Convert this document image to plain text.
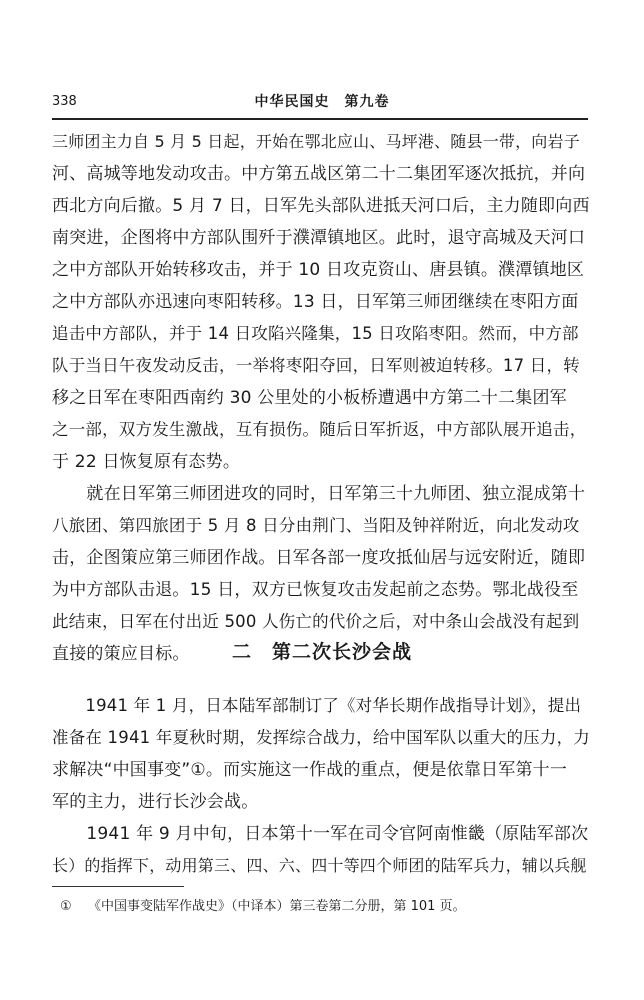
338	中华民国史　第九卷
三师团主力自 5 月 5 日起，开始在鄂北应山、马坪港、随县一带，向岩子
河、高城等地发动攻击。中方第五战区第二十二集团军逐次抵抗，并向
西北方向后撤。5 月 7 日，日军先头部队进抵天河口后，主力随即向西
南突进，企图将中方部队围歼于濮潭镇地区。此时，退守高城及天河口
之中方部队开始转移攻击，并于 10 日攻克资山、唐县镇。濮潭镇地区
之中方部队亦迅速向枣阳转移。13 日，日军第三师团继续在枣阳方面
追击中方部队，并于 14 日攻陷兴隆集，15 日攻陷枣阳。然而，中方部
队于当日午夜发动反击，一举将枣阳夺回，日军则被迫转移。17 日，转
移之日军在枣阳西南约 30 公里处的小板桥遭遇中方第二十二集团军
之一部，双方发生激战，互有损伤。随后日军折返，中方部队展开追击，
于 22 日恢复原有态势。
　　就在日军第三师团进攻的同时，日军第三十九师团、独立混成第十
八旅团、第四旅团于 5 月 8 日分由荆门、当阳及钟祥附近，向北发动攻
击，企图策应第三师团作战。日军各部一度攻抵仙居与远安附近，随即
为中方部队击退。15 日，双方已恢复攻击发起前之态势。鄂北战役至
此结束，日军在付出近 500 人伤亡的代价之后，对中条山会战没有起到
直接的策应目标。	二　第二次长沙会战
　　1941 年 1 月，日本陆军部制订了《对华长期作战指导计划》，提出
准备在 1941 年夏秋时期，发挥综合战力，给中国军队以重大的压力，力
求解决“中国事变”①。而实施这一作战的重点，便是依靠日军第十一
军的主力，进行长沙会战。
　　1941 年 9 月中旬，日本第十一军在司令官阿南惟畿（原陆军部次
长）的指挥下，动用第三、四、六、四十等四个师团的陆军兵力，辅以兵舰
① 《中国事变陆军作战史》（中译本）第三卷第二分册，第 101 页。
